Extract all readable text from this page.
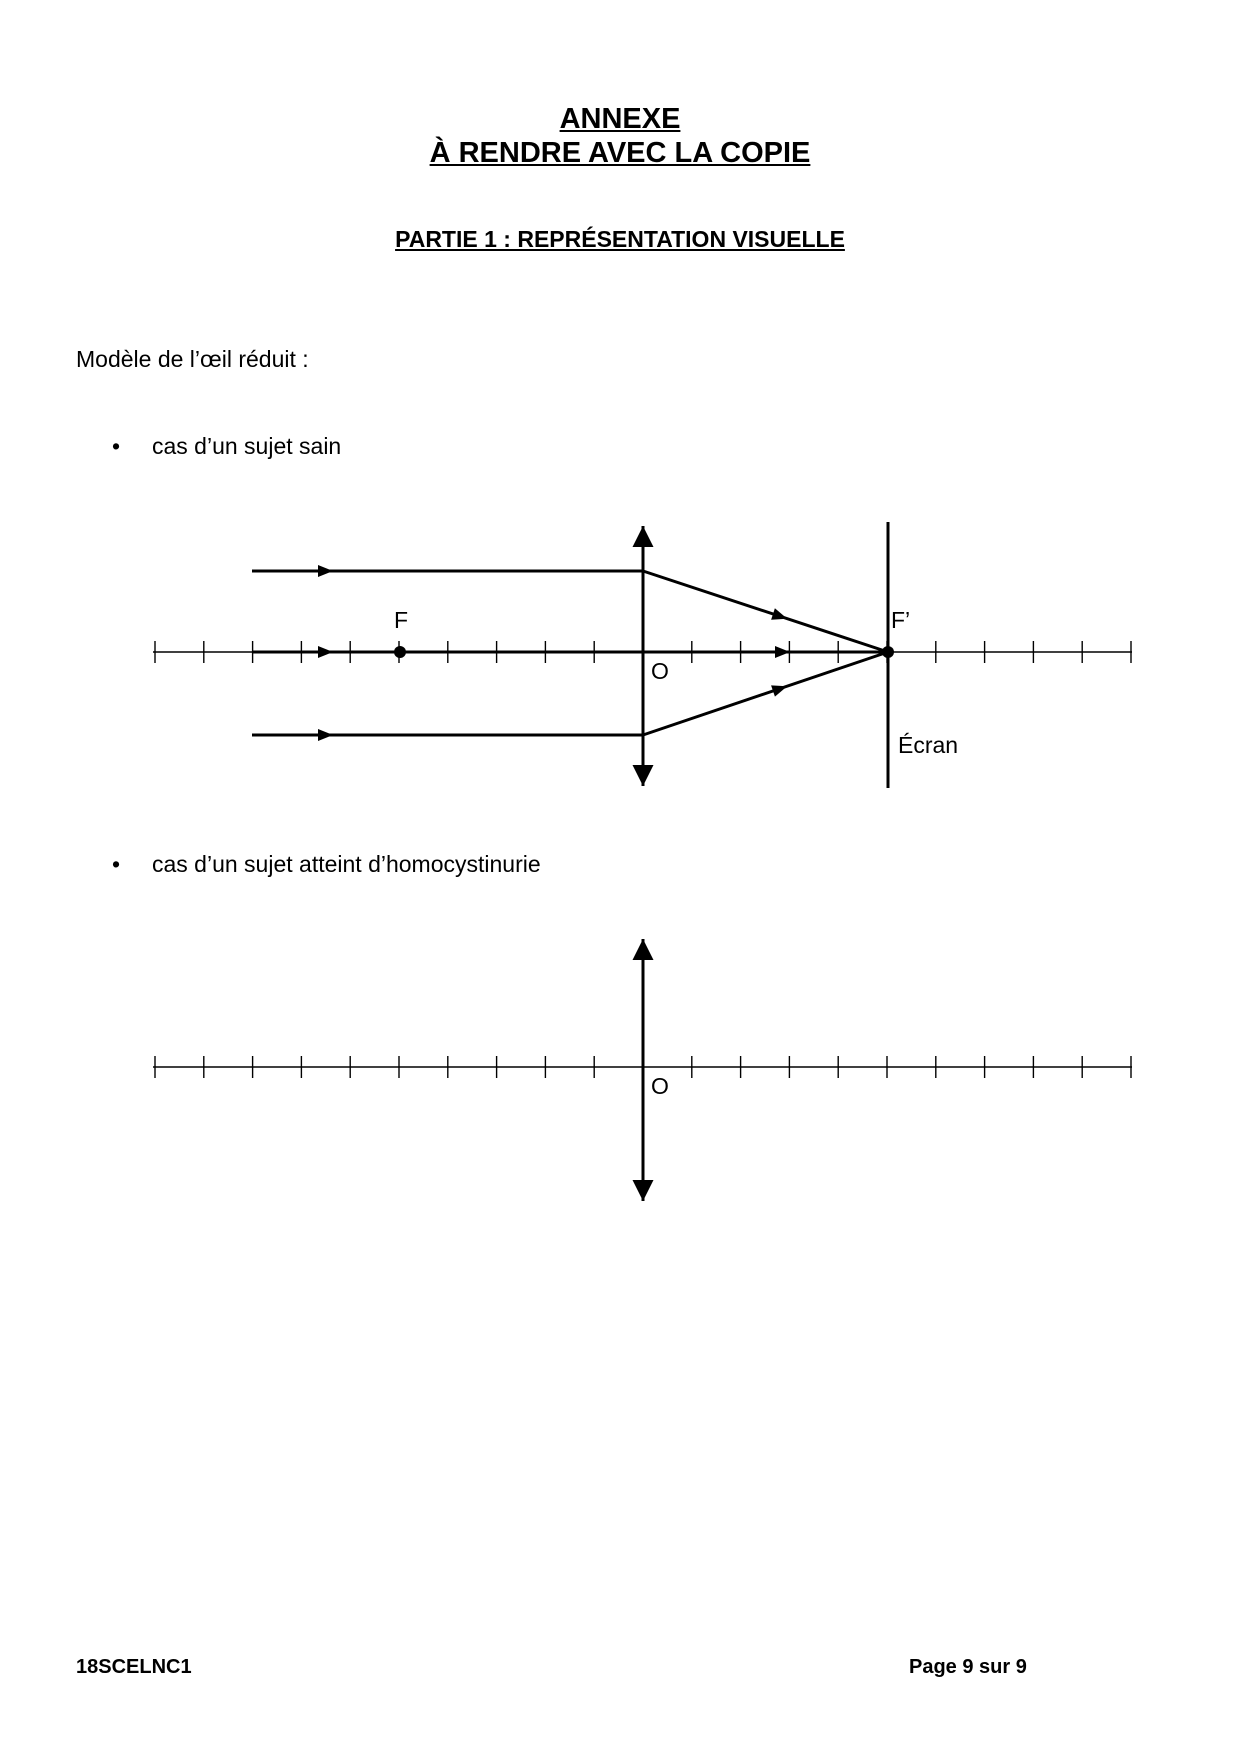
ANNEXE
À RENDRE AVEC LA COPIE
PARTIE 1 : REPRÉSENTATION VISUELLE
Modèle de l’œil réduit :
• cas d’un sujet sain
F	F’
O
Écran
• cas d’un sujet atteint d’homocystinurie
O
18SCELNC1	Page 9 sur 9
